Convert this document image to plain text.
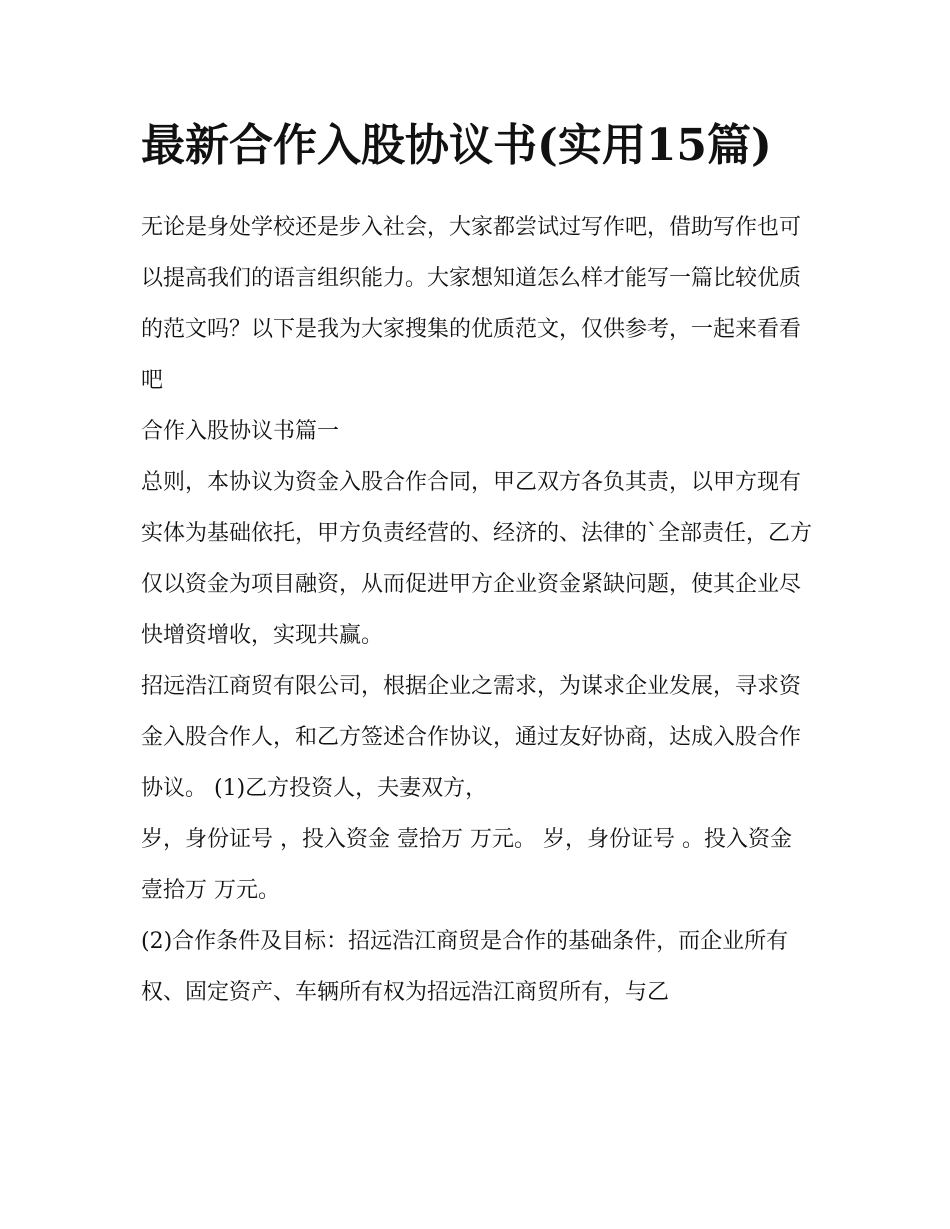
最新合作入股协议书(实用15篇)

无论是身处学校还是步入社会，大家都尝试过写作吧，借助写作也可以提高我们的语言组织能力。大家想知道怎么样才能写一篇比较优质的范文吗？以下是我为大家搜集的优质范文，仅供参考，一起来看看吧

合作入股协议书篇一

总则，本协议为资金入股合作合同，甲乙双方各负其责，以甲方现有实体为基础依托，甲方负责经营的、经济的、法律的`全部责任，乙方仅以资金为项目融资，从而促进甲方企业资金紧缺问题，使其企业尽快增资增收，实现共赢。

招远浩江商贸有限公司，根据企业之需求，为谋求企业发展，寻求资金入股合作人，和乙方签述合作协议，通过友好协商，达成入股合作协议。 (1)乙方投资人，夫妻双方，

岁，身份证号 ，投入资金 壹拾万 万元。 岁，身份证号 。投入资金 壹拾万 万元。

(2)合作条件及目标：招远浩江商贸是合作的基础条件，而企业所有权、固定资产、车辆所有权为招远浩江商贸所有，与乙
